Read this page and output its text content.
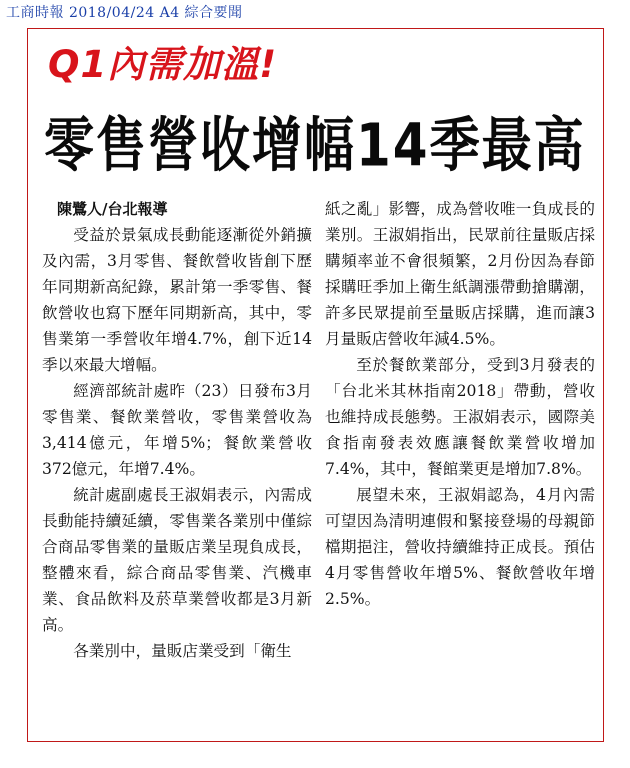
工商時報 2018/04/24 A4 綜合要聞
Q1內需加溫!
零售營收增幅14季最高

陳鷺人/台北報導

受益於景氣成長動能逐漸從外銷擴及內需，3月零售、餐飲營收皆創下歷年同期新高紀錄，累計第一季零售、餐飲營收也寫下歷年同期新高，其中，零售業第一季營收年增4.7%，創下近14季以來最大增幅。

經濟部統計處昨（23）日發布3月零售業、餐飲業營收，零售業營收為3,414億元，年增5%；餐飲業營收372億元，年增7.4%。

統計處副處長王淑娟表示，內需成長動能持續延續，零售業各業別中僅綜合商品零售業的量販店業呈現負成長，整體來看，綜合商品零售業、汽機車業、食品飲料及菸草業營收都是3月新高。

各業別中，量販店業受到「衛生

紙之亂」影響，成為營收唯一負成長的業別。王淑娟指出，民眾前往量販店採購頻率並不會很頻繁，2月份因為春節採購旺季加上衛生紙調漲帶動搶購潮，許多民眾提前至量販店採購，進而讓3月量販店營收年減4.5%。

至於餐飲業部分，受到3月發表的「台北米其林指南2018」帶動，營收也維持成長態勢。王淑娟表示，國際美食指南發表效應讓餐飲業營收增加7.4%，其中，餐館業更是增加7.8%。

展望未來，王淑娟認為，4月內需可望因為清明連假和緊接登場的母親節檔期挹注，營收持續維持正成長。預估4月零售營收年增5%、餐飲營收年增2.5%。
